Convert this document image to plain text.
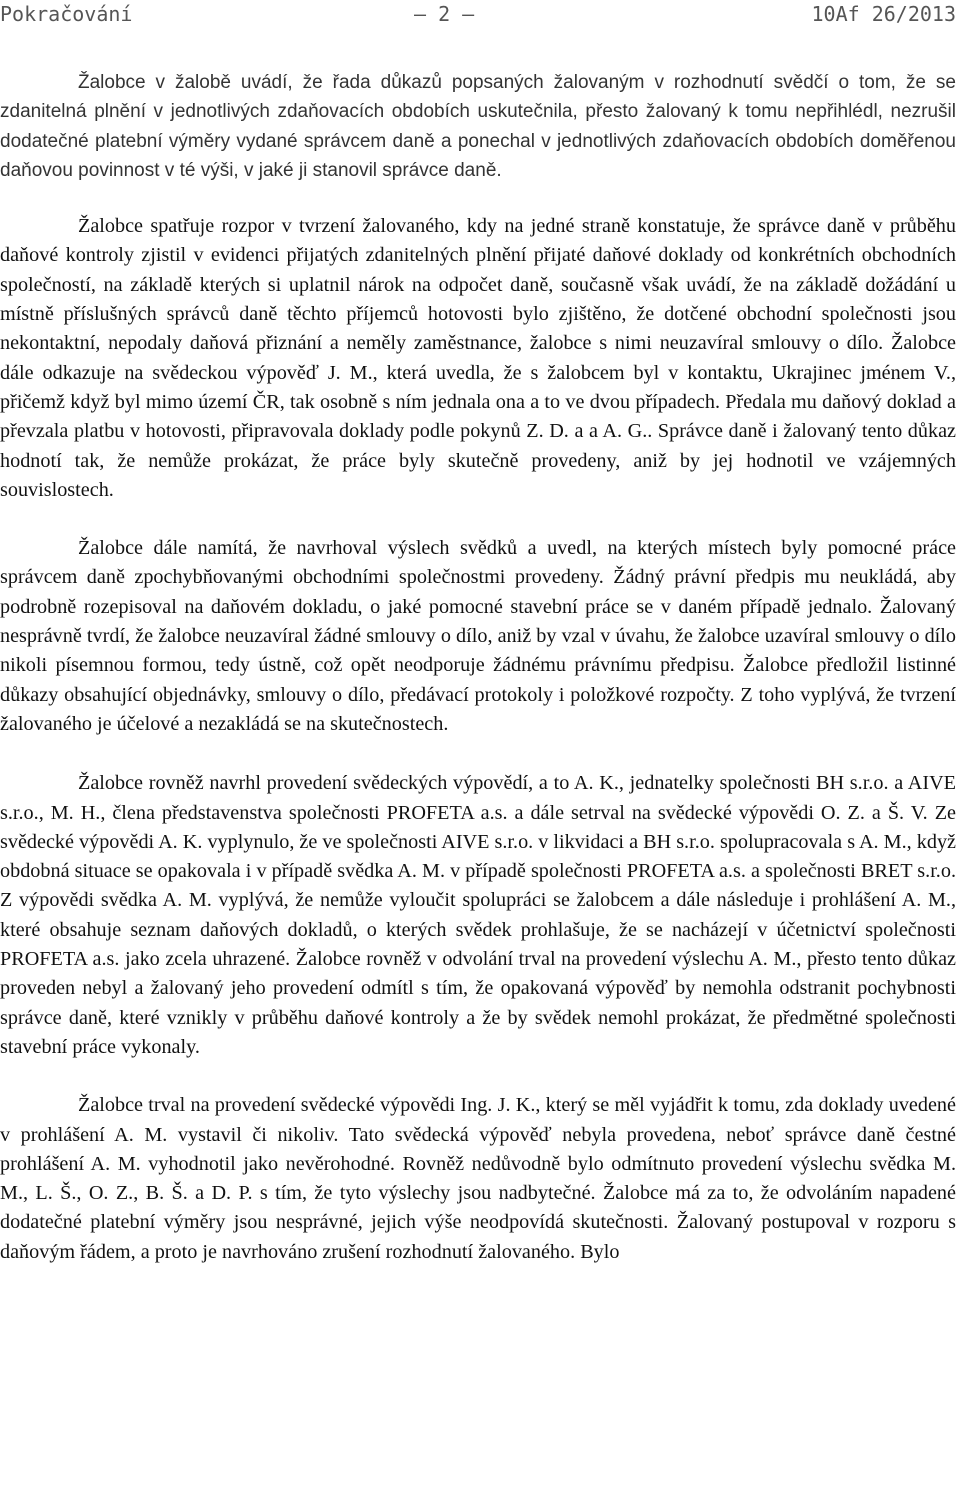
Pokračování	– 2 –	10Af 26/2013

Žalobce v žalobě uvádí, že řada důkazů popsaných žalovaným v rozhodnutí svědčí o tom, že se zdanitelná plnění v jednotlivých zdaňovacích obdobích uskutečnila, přesto žalovaný k tomu nepřihlédl, nezrušil dodatečné platební výměry vydané správcem daně a ponechal v jednotlivých zdaňovacích obdobích doměřenou daňovou povinnost v té výši, v jaké ji stanovil správce daně.

Žalobce spatřuje rozpor v tvrzení žalovaného, kdy na jedné straně konstatuje, že správce daně v průběhu daňové kontroly zjistil v evidenci přijatých zdanitelných plnění přijaté daňové doklady od konkrétních obchodních společností, na základě kterých si uplatnil nárok na odpočet daně, současně však uvádí, že na základě dožádání u místně příslušných správců daně těchto příjemců hotovosti bylo zjištěno, že dotčené obchodní společnosti jsou nekontaktní, nepodaly daňová přiznání a neměly zaměstnance, žalobce s nimi neuzavíral smlouvy o dílo. Žalobce dále odkazuje na svědeckou výpověď J. M., která uvedla, že s žalobcem byl v kontaktu, Ukrajinec jménem V., přičemž když byl mimo území ČR, tak osobně s ním jednala ona a to ve dvou případech. Předala mu daňový doklad a převzala platbu v hotovosti, připravovala doklady podle pokynů Z. D. a a A. G.. Správce daně i žalovaný tento důkaz hodnotí tak, že nemůže prokázat, že práce byly skutečně provedeny, aniž by jej hodnotil ve vzájemných souvislostech.

Žalobce dále namítá, že navrhoval výslech svědků a uvedl, na kterých místech byly pomocné práce správcem daně zpochybňovanými obchodními společnostmi provedeny. Žádný právní předpis mu neukládá, aby podrobně rozepisoval na daňovém dokladu, o jaké pomocné stavební práce se v daném případě jednalo. Žalovaný nesprávně tvrdí, že žalobce neuzavíral žádné smlouvy o dílo, aniž by vzal v úvahu, že žalobce uzavíral smlouvy o dílo nikoli písemnou formou, tedy ústně, což opět neodporuje žádnému právnímu předpisu. Žalobce předložil listinné důkazy obsahující objednávky, smlouvy o dílo, předávací protokoly i položkové rozpočty. Z toho vyplývá, že tvrzení žalovaného je účelové a nezakládá se na skutečnostech.

Žalobce rovněž navrhl provedení svědeckých výpovědí, a to A. K., jednatelky společnosti BH s.r.o. a AIVE s.r.o., M. H., člena představenstva společnosti PROFETA a.s. a dále setrval na svědecké výpovědi O. Z. a Š. V. Ze svědecké výpovědi A. K. vyplynulo, že ve společnosti AIVE s.r.o. v likvidaci a BH s.r.o. spolupracovala s A. M., když obdobná situace se opakovala i v případě svědka A. M. v případě společnosti PROFETA a.s. a společnosti BRET s.r.o. Z výpovědi svědka A. M. vyplývá, že nemůže vyloučit spolupráci se žalobcem a dále následuje i prohlášení A. M., které obsahuje seznam daňových dokladů, o kterých svědek prohlašuje, že se nacházejí v účetnictví společnosti PROFETA a.s. jako zcela uhrazené. Žalobce rovněž v odvolání trval na provedení výslechu A. M., přesto tento důkaz proveden nebyl a žalovaný jeho provedení odmítl s tím, že opakovaná výpověď by nemohla odstranit pochybnosti správce daně, které vznikly v průběhu daňové kontroly a že by svědek nemohl prokázat, že předmětné společnosti stavební práce vykonaly.

Žalobce trval na provedení svědecké výpovědi Ing. J. K., který se měl vyjádřit k tomu, zda doklady uvedené v prohlášení A. M. vystavil či nikoliv. Tato svědecká výpověď nebyla provedena, neboť správce daně čestné prohlášení A. M. vyhodnotil jako nevěrohodné. Rovněž nedůvodně bylo odmítnuto provedení výslechu svědka M. M., L. Š., O. Z., B. Š. a D. P. s tím, že tyto výslechy jsou nadbytečné. Žalobce má za to, že odvoláním napadené dodatečné platební výměry jsou nesprávné, jejich výše neodpovídá skutečnosti. Žalovaný postupoval v rozporu s daňovým řádem, a proto je navrhováno zrušení rozhodnutí žalovaného. Bylo
